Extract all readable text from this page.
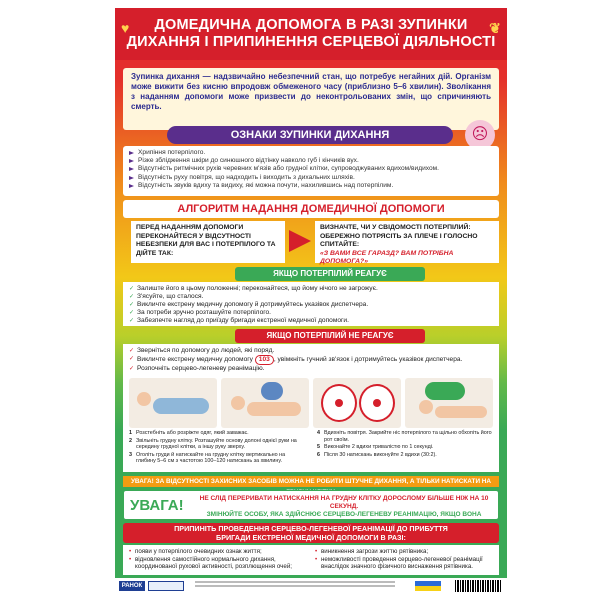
♥	ДОМЕДИЧНА ДОПОМОГА В РАЗІ ЗУПИНКИ
ДИХАННЯ І ПРИПИНЕННЯ СЕРЦЕВОЇ ДІЯЛЬНОСТІ
❦
Зупинка дихання — надзвичайно небезпечний стан, що потребує негайних дій. Організм може вижити без кисню впродовж обмеженого часу (приблизно 5–6 хвилин). Зволікання з наданням допомоги може призвести до неконтрольованих змін, що спричиняють смерть.
ОЗНАКИ ЗУПИНКИ ДИХАННЯ	☹
Хрипіння потерпілого.
Різке зблідження шкіри до синюшного відтінку навколо губ і кінчиків вух.
Відсутність ритмічних рухів черевних м'язів або грудної клітки, супроводжуваних вдихом/видихом.
Відсутність руху повітря, що надходить і виходить з дихальних шляхів.
Відсутність звуків вдиху та видиху, які можна почути, нахилившись над потерпілим.
АЛГОРИТМ НАДАННЯ ДОМЕДИЧНОЇ ДОПОМОГИ
ПЕРЕД НАДАННЯМ ДОПОМОГИ ПЕРЕКОНАЙТЕСЯ У ВІДСУТНОСТІ НЕБЕЗПЕКИ ДЛЯ ВАС І ПОТЕРПІЛОГО ТА ДІЙТЕ ТАК:
ВИЗНАЧТЕ, ЧИ У СВІДОМОСТІ ПОТЕРПІЛИЙ: ОБЕРЕЖНО ПОТРЯСІТЬ ЗА ПЛЕЧЕ І ГОЛОСНО СПИТАЙТЕ:
«З ВАМИ ВСЕ ГАРАЗД? ВАМ ПОТРІБНА ДОПОМОГА?»
ЯКЩО ПОТЕРПІЛИЙ РЕАГУЄ
✓ Залиште його в цьому положенні; переконайтеся, що йому нічого не загрожує.
✓ З'ясуйте, що сталося.
✓ Викличте екстрену медичну допомогу й дотримуйтесь указівок диспетчера.
✓ За потреби зручно розташуйте потерпілого.
✓ Забезпечте нагляд до приїзду бригади екстреної медичної допомоги.
ЯКЩО ПОТЕРПІЛИЙ НЕ РЕАГУЄ
✓ Зверніться по допомогу до людей, які поряд.
✓ Викличте екстрену медичну допомогу 103 , увімкніть гучний зв'язок і дотримуйтесь указівок диспетчера.
✓ Розпочніть серцево-легеневу реанімацію.
1 Розстебніть або розріжте одяг, який заважає.
2 Звільніть грудну клітку. Розташуйте основу долоні однієї руки на середину грудної клітки, а іншу руку зверху.
3 Оголіть груди й натискайте на грудну клітку вертикально на глибину 5–6 см з частотою 100–120 натискань за хвилину.
4 Вдихніть повітря. Закрийте ніс потерпілого та щільно обхопіть його рот своїм.
5 Виконайте 2 вдихи тривалістю по 1 секунді.
6 Після 30 натискань виконуйте 2 вдихи (30:2).
УВАГА! ЗА ВІДСУТНОСТІ ЗАХИСНИХ ЗАСОБІВ МОЖНА НЕ РОБИТИ ШТУЧНЕ ДИХАННЯ, А ТІЛЬКИ НАТИСКАТИ НА
УВАГА!	НЕ СЛІД ПЕРЕРИВАТИ НАТИСКАННЯ НА ГРУДНУ КЛІТКУ ДОРОСЛОМУ БІЛЬШЕ НІЖ НА 10 СЕКУНД.
ЗМІНЮЙТЕ ОСОБУ, ЯКА ЗДІЙСНЮЄ СЕРЦЕВО-ЛЕГЕНЕВУ РЕАНІМАЦІЮ, ЯКЩО ВОНА
ПРИПИНІТЬ ПРОВЕДЕННЯ СЕРЦЕВО-ЛЕГЕНЕВОЇ РЕАНІМАЦІЇ ДО ПРИБУТТЯ
БРИГАДИ ЕКСТРЕНОЇ МЕДИЧНОЇ ДОПОМОГИ В РАЗІ:
• появи у потерпілого очевидних ознак життя;
• відновлення самостійного нормального дихання, координованої рухової активності, розплющення очей;
• виникнення загрози життю рятівника;
• неможливості проведення серцево-легеневої реанімації внаслідок значного фізичного виснаження рятівника.
РАНОК
